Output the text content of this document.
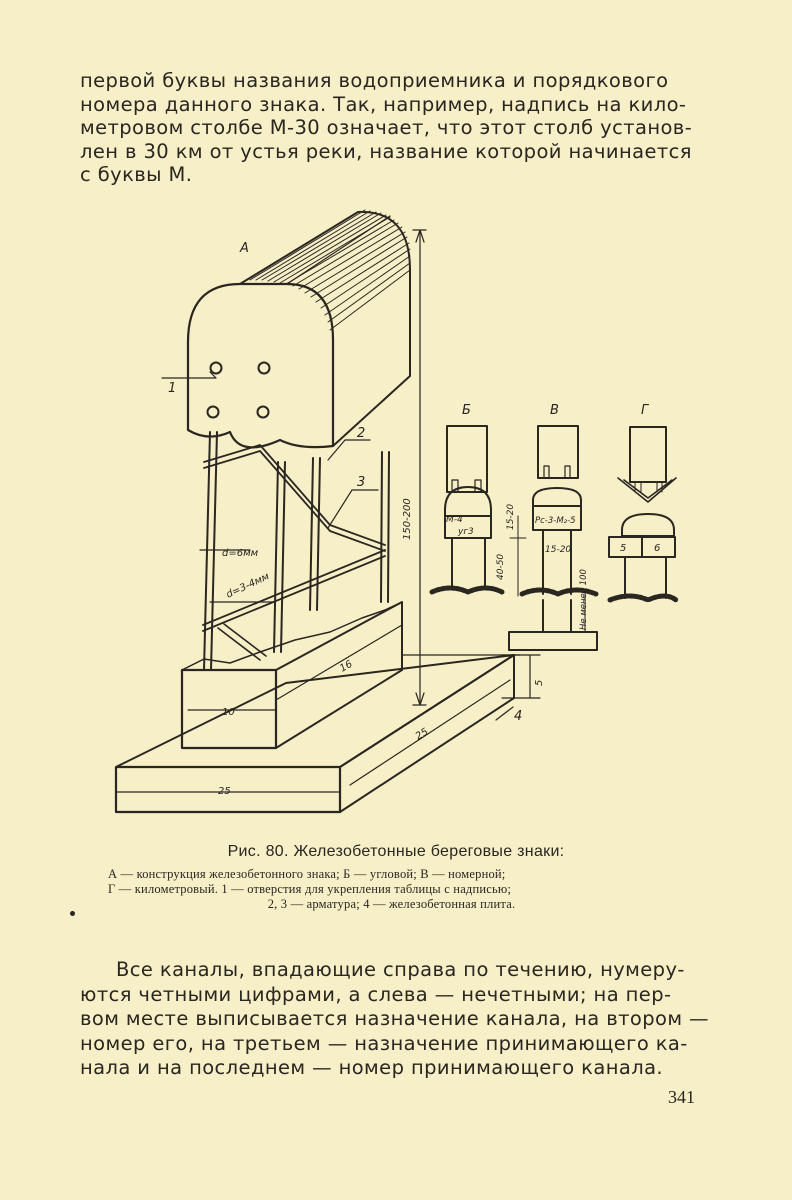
первой буквы названия водоприемника и порядкового
номера данного знака. Так, например, надпись на кило-
метровом столбе М-30 означает, что этот столб установ-
лен в 30 км от устья реки, название которой начинается
с буквы М.
А
Б	В	Г
1
2
3
4
d=6мм
d=3-4мм
150-200
16
10
25
25
5
М-4
уг3
Рс-3-М₂-5
15-20
15-20
40-50
Не менее 100
5	6
Рис. 80. Железобетонные береговые знаки:
А — конструкция железобетонного знака; Б — угловой; В — номерной;
Г — километровый. 1 — отверстия для укрепления таблицы с надписью;
2, 3 — арматура; 4 — железобетонная плита.
Все каналы, впадающие справа по течению, нумеру-
ются четными цифрами, а слева — нечетными; на пер-
вом месте выписывается назначение канала, на втором —
номер его, на третьем — назначение принимающего ка-
нала и на последнем — номер принимающего канала.
341
